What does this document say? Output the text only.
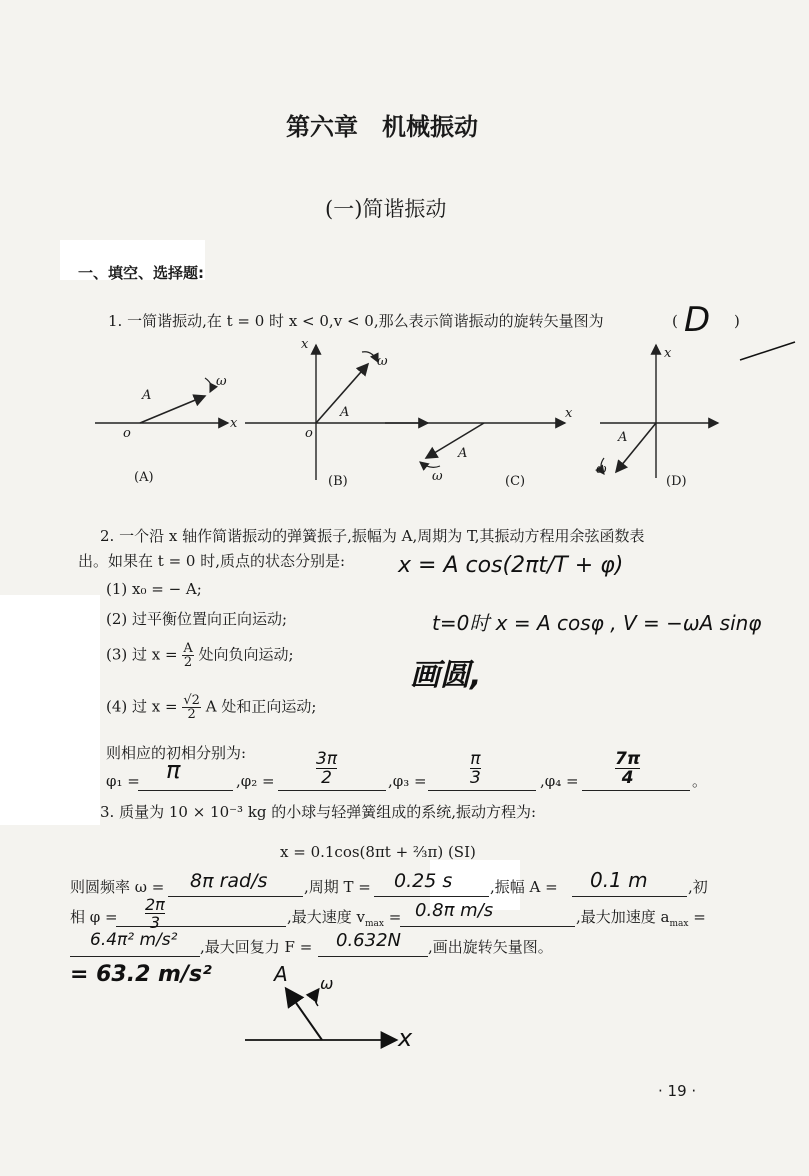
第六章　机械振动
(一)简谐振动
一、填空、选择题:
1. 一简谐振动,在 t = 0 时 x < 0,v < 0,那么表示简谐振动的旋转矢量图为	( D )
o
x
A
ω
(A)
x
o
A
ω
(B)
x
A
ω	(C)
x
A
ω
(D)
2. 一个沿 x 轴作简谐振动的弹簧振子,振幅为 A,周期为 T,其振动方程用余弦函数表
出。如果在 t = 0 时,质点的状态分别是:
(1) x₀ = − A;
(2) 过平衡位置向正向运动;
(3) 过 $x = \frac{A}{2}$ 处向负向运动;
(4) 过 $x = \frac{√2}{2}$ A 处和正向运动;
x = A cos(2πt/T + φ)
t=0时 x = A cosφ , V = −ωA sinφ
画圆,
则相应的初相分别为:
φ₁ = π	,φ₂ =
3π
2	,φ₃ =
π
3	,φ₄ =
7π
4	。
3. 质量为 10 × 10⁻³ kg 的小球与轻弹簧组成的系统,振动方程为:
x = 0.1cos(8πt + ⅔π) (SI)
则圆频率 ω = 8π rad/s ,周期 T = 0.25 s	,振幅 A = 0.1 m	,初
相 φ =
2π
3	,最大速度 $v_{max} = 0.8\pi$ m/s	,最大加速度 $a_{max}$ =
6.4π² m/s² ,最大回复力 F = 0.632N ,画出旋转矢量图。
= 63.2 m/s²	A ω
x
· 19 ·
